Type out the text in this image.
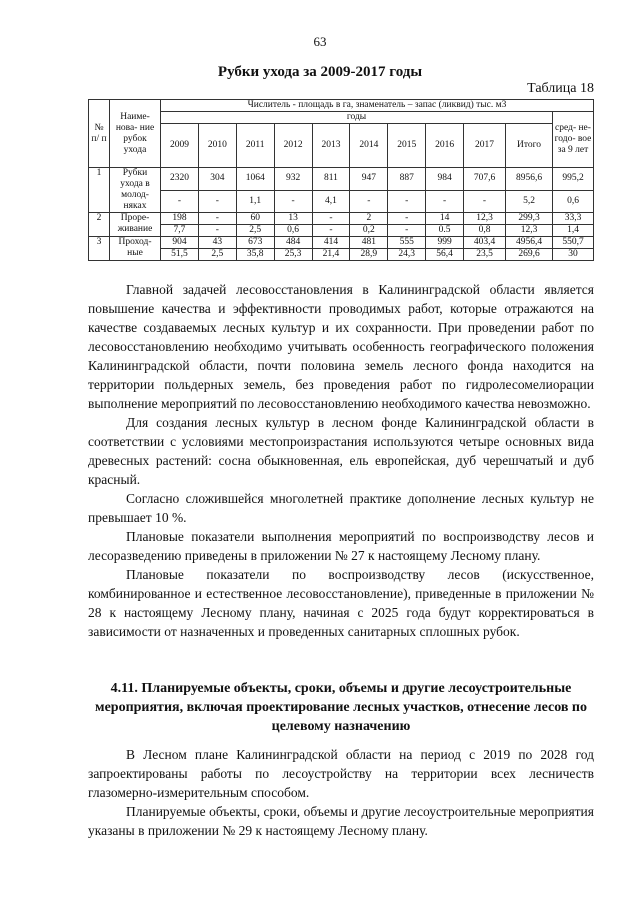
63
Рубки ухода за 2009-2017 годы
Таблица 18
№ п/ п	Наиме- нова- ние рубок ухода	Числитель - площадь в га, знаменатель – запас (ликвид) тыс. м3										
		годы										сред- не- годо- вое за 9 лет
		2009	2010	2011	2012	2013	2014	2015	2016	2017	Итого	
1	Рубки ухода в молод- няках	2320	304	1064	932	811	947	887	984	707,6	8956,6	995,2
		-	-	1,1	-	4,1	-	-	-	-	5,2	0,6
2	Проре- живание	198	-	60	13	-	2	-	14	12,3	299,3	33,3
		7,7	-	2,5	0,6	-	0,2	-	0.5	0,8	12,3	1,4
3	Проход- ные	904	43	673	484	414	481	555	999	403,4	4956,4	550,7
		51,5	2,5	35,8	25,3	21,4	28,9	24,3	56,4	23,5	269,6	30

Главной задачей лесовосстановления в Калининградской области является повышение качества и эффективности проводимых работ, которые отражаются на качестве создаваемых лесных культур и их сохранности. При проведении работ по лесовосстановлению необходимо учитывать особенность географического положения Калининградской области, почти половина земель лесного фонда находится на территории польдерных земель, без проведения работ по гидролесомелиорации выполнение мероприятий по лесовосстановлению необходимого качества невозможно.

Для создания лесных культур в лесном фонде Калининградской области в соответствии с условиями местопроизрастания используются четыре основных вида древесных растений: сосна обыкновенная, ель европейская, дуб черешчатый и дуб красный.

Согласно сложившейся многолетней практике дополнение лесных культур не превышает 10 %.

Плановые показатели выполнения мероприятий по воспроизводству лесов и лесоразведению приведены в приложении № 27 к настоящему Лесному плану.

Плановые показатели по воспроизводству лесов (искусственное, комбинированное и естественное лесовосстановление), приведенные в приложении № 28 к настоящему Лесному плану, начиная с 2025 года будут корректироваться в зависимости от назначенных и проведенных санитарных сплошных рубок.

4.11. Планируемые объекты, сроки, объемы и другие лесоустроительные мероприятия, включая проектирование лесных участков, отнесение лесов по целевому назначению

В Лесном плане Калининградской области на период с 2019 по 2028 год запроектированы работы по лесоустройству на территории всех лесничеств глазомерно-измерительным способом.

Планируемые объекты, сроки, объемы и другие лесоустроительные мероприятия указаны в приложении № 29 к настоящему Лесному плану.
